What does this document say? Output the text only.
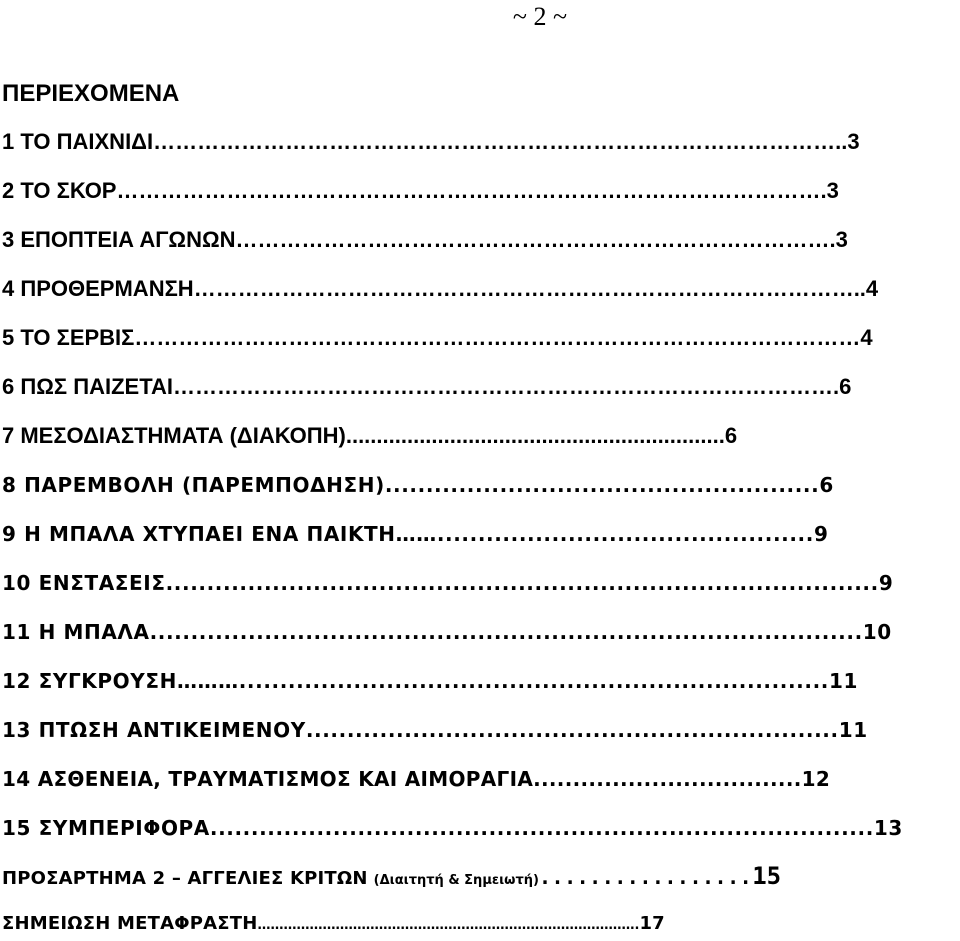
~ 2 ~
ΠΕΡΙΕΧΟΜΕΝΑ
1 ΤΟ ΠΑΙΧΝΙΔΙ…………………………………………………………………………………..3
2 ΤΟ ΣΚΟΡ…………………………………………………………………………………….3
3 ΕΠΟΠΤΕΙΑ ΑΓΩΝΩΝ……………………………………………………………………….3
4 ΠΡΟΘΕΡΜΑΝΣΗ………………………………………………………………………………..4
5 ΤΟ ΣΕΡΒΙΣ………………………………………………………………………………………4
6 ΠΩΣ ΠΑΙΖΕΤΑΙ……………………………………………………………………………….6
7 ΜΕΣΟΔΙΑΣΤΗΜΑΤΑ (ΔΙΑΚΟΠΗ)..............................................................6
8 ΠΑΡΕΜΒΟΛΗ (ΠΑΡΕΜΠΟΔΗΣΗ).....................................................6
9 Η ΜΠΑΛΑ ΧΤΥΠΑΕΙ ΕΝΑ ΠΑΙΚΤΗ……..............................................9
10 ΕΝΣΤΑΣΕΙΣ.......................................................................................9
11 Η ΜΠΑΛΑ.......................................................................................10
12 ΣΥΓΚΡΟΥΣΗ………........................................................................11
13 ΠΤΩΣΗ ΑΝΤΙΚΕΙΜΕΝΟΥ.................................................................11
14 ΑΣΘΕΝΕΙΑ, ΤΡΑΥΜΑΤΙΣΜΟΣ ΚΑΙ ΑΙΜΟΡΑΓΙΑ..................................12
15 ΣΥΜΠΕΡΙΦΟΡΑ.................................................................................13
ΠΡΟΣΑΡΤΗΜΑ 2 – ΑΓΓΕΛΙΕΣ ΚΡΙΤΩΝ (Διαιτητή & Σημειωτή).................15
ΣΗΜΕΙΩΣΗ ΜΕΤΑΦΡΑΣΤΗ…………………………………………………………………………….17
